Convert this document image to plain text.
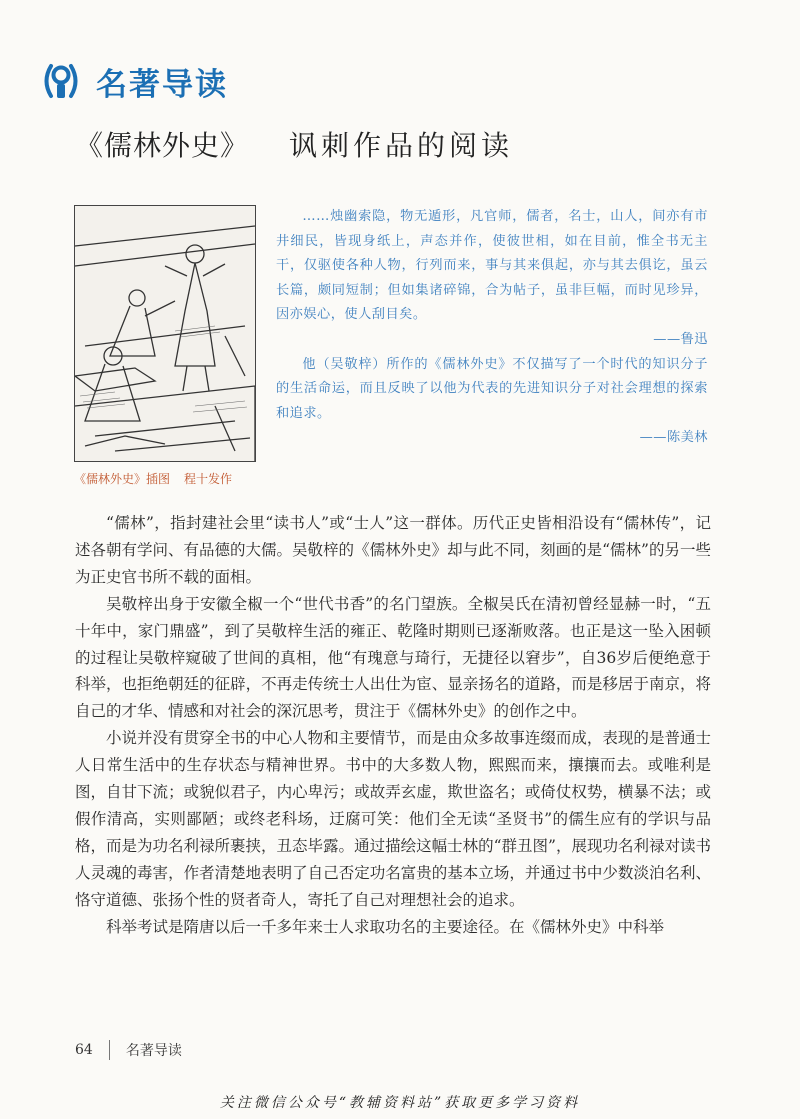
名著导读
《儒林外史》 讽刺作品的阅读
《儒林外史》插图 程十发作

……烛幽索隐，物无遁形，凡官师，儒者，名士，山人，间亦有市井细民，皆现身纸上，声态并作，使彼世相，如在目前，惟全书无主干，仅驱使各种人物，行列而来，事与其来俱起，亦与其去俱讫，虽云长篇，颇同短制；但如集诸碎锦，合为帖子，虽非巨幅，而时见珍异，因亦娱心，使人刮目矣。

——鲁迅

他（吴敬梓）所作的《儒林外史》不仅描写了一个时代的知识分子的生活命运，而且反映了以他为代表的先进知识分子对社会理想的探索和追求。

——陈美林

“儒林”，指封建社会里“读书人”或“士人”这一群体。历代正史皆相沿设有“儒林传”，记述各朝有学问、有品德的大儒。吴敬梓的《儒林外史》却与此不同，刻画的是“儒林”的另一些为正史官书所不载的面相。

吴敬梓出身于安徽全椒一个“世代书香”的名门望族。全椒吴氏在清初曾经显赫一时，“五十年中，家门鼎盛”，到了吴敬梓生活的雍正、乾隆时期则已逐渐败落。也正是这一坠入困顿的过程让吴敬梓窥破了世间的真相，他“有瑰意与琦行，无捷径以窘步”，自36岁后便绝意于科举，也拒绝朝廷的征辟，不再走传统士人出仕为宦、显亲扬名的道路，而是移居于南京，将自己的才华、情感和对社会的深沉思考，贯注于《儒林外史》的创作之中。

小说并没有贯穿全书的中心人物和主要情节，而是由众多故事连缀而成，表现的是普通士人日常生活中的生存状态与精神世界。书中的大多数人物，熙熙而来，攘攘而去。或唯利是图，自甘下流；或貌似君子，内心卑污；或故弄玄虚，欺世盗名；或倚仗权势，横暴不法；或假作清高，实则鄙陋；或终老科场，迂腐可笑：他们全无读“圣贤书”的儒生应有的学识与品格，而是为功名利禄所裹挟，丑态毕露。通过描绘这幅士林的“群丑图”，展现功名利禄对读书人灵魂的毒害，作者清楚地表明了自己否定功名富贵的基本立场，并通过书中少数淡泊名利、恪守道德、张扬个性的贤者奇人，寄托了自己对理想社会的追求。

科举考试是隋唐以后一千多年来士人求取功名的主要途径。在《儒林外史》中科举

64 名著导读
关注微信公众号“教辅资料站”获取更多学习资料
